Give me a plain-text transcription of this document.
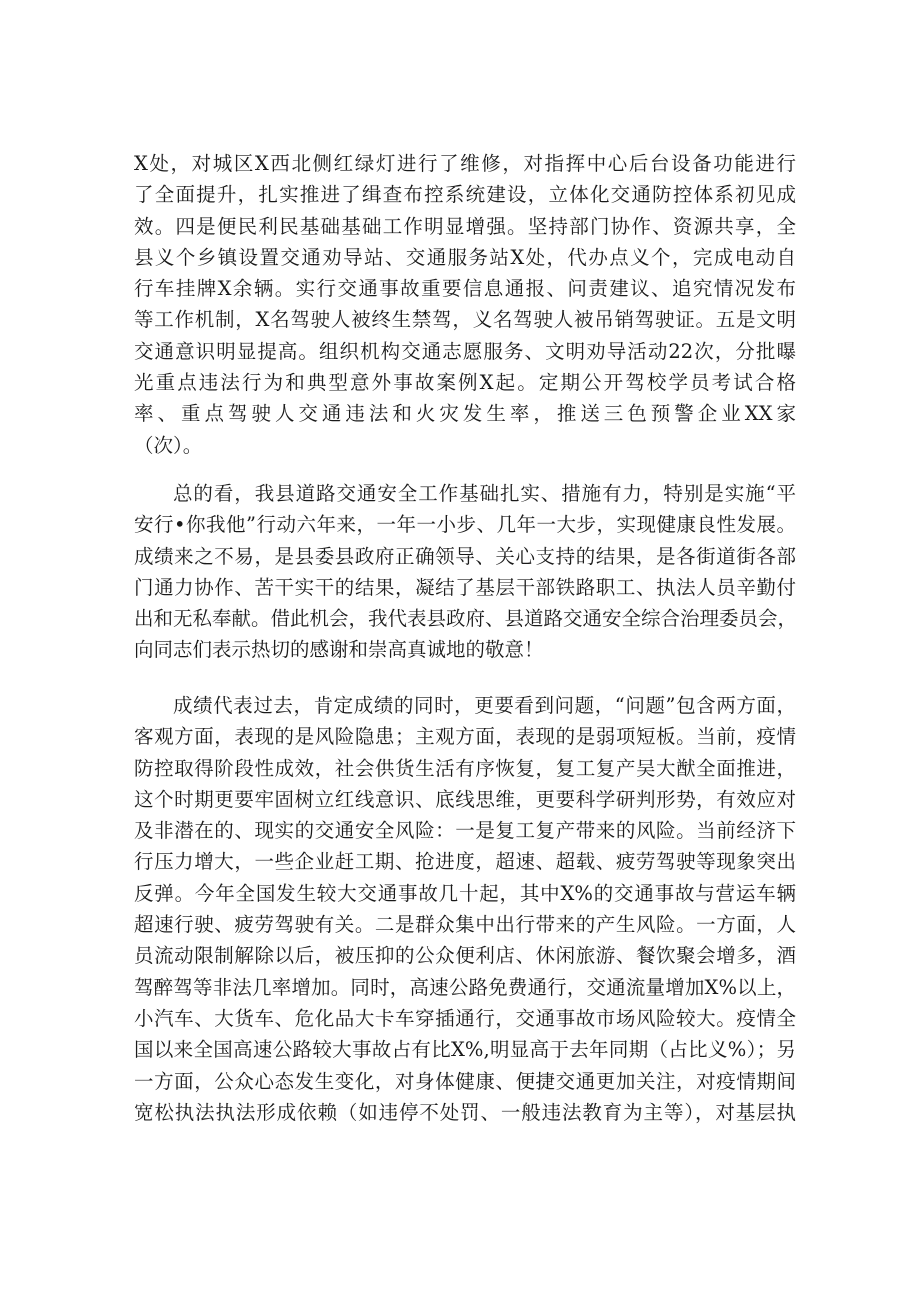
X处，对城区X西北侧红绿灯进行了维修，对指挥中心后台设备功能进行
了全面提升，扎实推进了缉查布控系统建设，立体化交通防控体系初见成
效。四是便民利民基础基础工作明显增强。坚持部门协作、资源共享，全
县义个乡镇设置交通劝导站、交通服务站X处，代办点义个，完成电动自
行车挂牌X余辆。实行交通事故重要信息通报、问责建议、追究情况发布
等工作机制，X名驾驶人被终生禁驾，义名驾驶人被吊销驾驶证。五是文明
交通意识明显提高。组织机构交通志愿服务、文明劝导活动22次，分批曝
光重点违法行为和典型意外事故案例X起。定期公开驾校学员考试合格
率、重点驾驶人交通违法和火灾发生率，推送三色预警企业XX家
（次）。
总的看，我县道路交通安全工作基础扎实、措施有力，特别是实施“平
安行•你我他”行动六年来，一年一小步、几年一大步，实现健康良性发展。
成绩来之不易，是县委县政府正确领导、关心支持的结果，是各街道街各部
门通力协作、苦干实干的结果，凝结了基层干部铁路职工、执法人员辛勤付
出和无私奉献。借此机会，我代表县政府、县道路交通安全综合治理委员会，
向同志们表示热切的感谢和崇高真诚地的敬意！
成绩代表过去，肯定成绩的同时，更要看到问题，“问题”包含两方面，
客观方面，表现的是风险隐患；主观方面，表现的是弱项短板。当前，疫情
防控取得阶段性成效，社会供货生活有序恢复，复工复产吴大猷全面推进，
这个时期更要牢固树立红线意识、底线思维，更要科学研判形势，有效应对
及非潜在的、现实的交通安全风险：一是复工复产带来的风险。当前经济下
行压力增大，一些企业赶工期、抢进度，超速、超载、疲劳驾驶等现象突出
反弹。今年全国发生较大交通事故几十起，其中X%的交通事故与营运车辆
超速行驶、疲劳驾驶有关。二是群众集中出行带来的产生风险。一方面，人
员流动限制解除以后，被压抑的公众便利店、休闲旅游、餐饮聚会增多，酒
驾醉驾等非法几率增加。同时，高速公路免费通行，交通流量增加X%以上，
小汽车、大货车、危化品大卡车穿插通行，交通事故市场风险较大。疫情全
国以来全国高速公路较大事故占有比X%,明显高于去年同期（占比义%）；另
一方面，公众心态发生变化，对身体健康、便捷交通更加关注，对疫情期间
宽松执法执法形成依赖（如违停不处罚、一般违法教育为主等），对基层执
